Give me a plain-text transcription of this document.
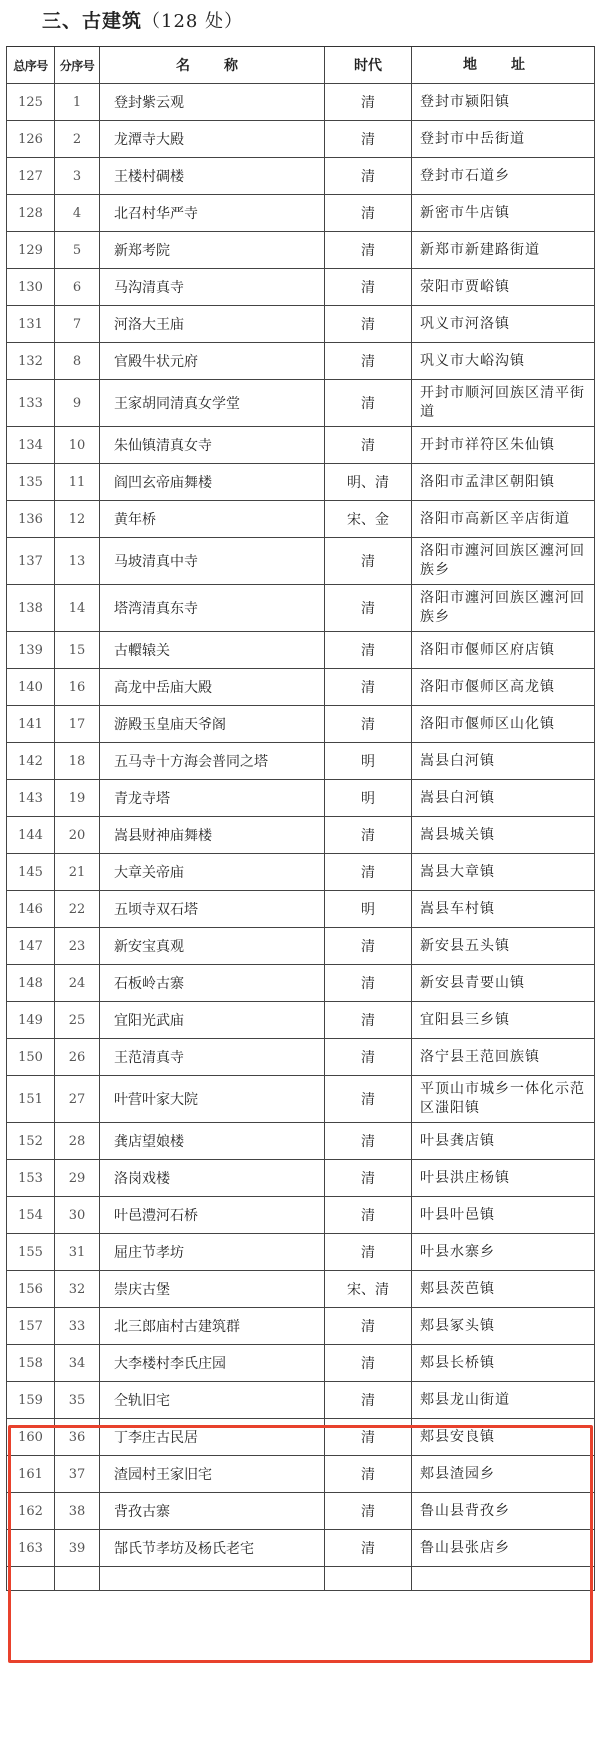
三、古建筑（128 处）
总序号 分序号	名　称	时代	地　址
125	1	登封紫云观	清	登封市颍阳镇
126	2	龙潭寺大殿	清	登封市中岳街道
127	3	王楼村碉楼	清	登封市石道乡
128	4	北召村华严寺	清	新密市牛店镇
129	5	新郑考院	清	新郑市新建路街道
130	6	马沟清真寺	清	荥阳市贾峪镇
131	7	河洛大王庙	清	巩义市河洛镇
132	8	官殿牛状元府	清	巩义市大峪沟镇
133	9	王家胡同清真女学堂	清
开封市顺河回族区清平街道
134	10	朱仙镇清真女寺	清	开封市祥符区朱仙镇
135	11	阎凹玄帝庙舞楼	明、清	洛阳市孟津区朝阳镇
136	12	黄年桥	宋、金	洛阳市高新区辛店街道
137	13	马坡清真中寺	清
洛阳市瀍河回族区瀍河回族乡
138	14	塔湾清真东寺	清
洛阳市瀍河回族区瀍河回族乡
139	15	古轘辕关	清	洛阳市偃师区府店镇
140	16	高龙中岳庙大殿	清	洛阳市偃师区高龙镇
141	17	游殿玉皇庙天爷阁	清	洛阳市偃师区山化镇
142	18	五马寺十方海会普同之塔	明	嵩县白河镇
143	19	青龙寺塔	明	嵩县白河镇
144	20	嵩县财神庙舞楼	清	嵩县城关镇
145	21	大章关帝庙	清	嵩县大章镇
146	22	五顷寺双石塔	明	嵩县车村镇
147	23	新安宝真观	清	新安县五头镇
148	24	石板岭古寨	清	新安县青要山镇
149	25	宜阳光武庙	清	宜阳县三乡镇
150	26	王范清真寺	清	洛宁县王范回族镇
151	27	叶营叶家大院	清
平顶山市城乡一体化示范区滍阳镇
152	28	龚店望娘楼	清	叶县龚店镇
153	29	洛岗戏楼	清	叶县洪庄杨镇
154	30	叶邑澧河石桥	清	叶县叶邑镇
155	31	屈庄节孝坊	清	叶县水寨乡
156	32	崇庆古堡	宋、清	郏县茨芭镇
157	33	北三郎庙村古建筑群	清	郏县冢头镇
158	34	大李楼村李氏庄园	清	郏县长桥镇
159	35	仝轨旧宅	清	郏县龙山街道
160	36	丁李庄古民居	清	郏县安良镇
161	37	渣园村王家旧宅	清	郏县渣园乡
162	38	背孜古寨	清	鲁山县背孜乡
163	39	郜氏节孝坊及杨氏老宅	清	鲁山县张店乡
